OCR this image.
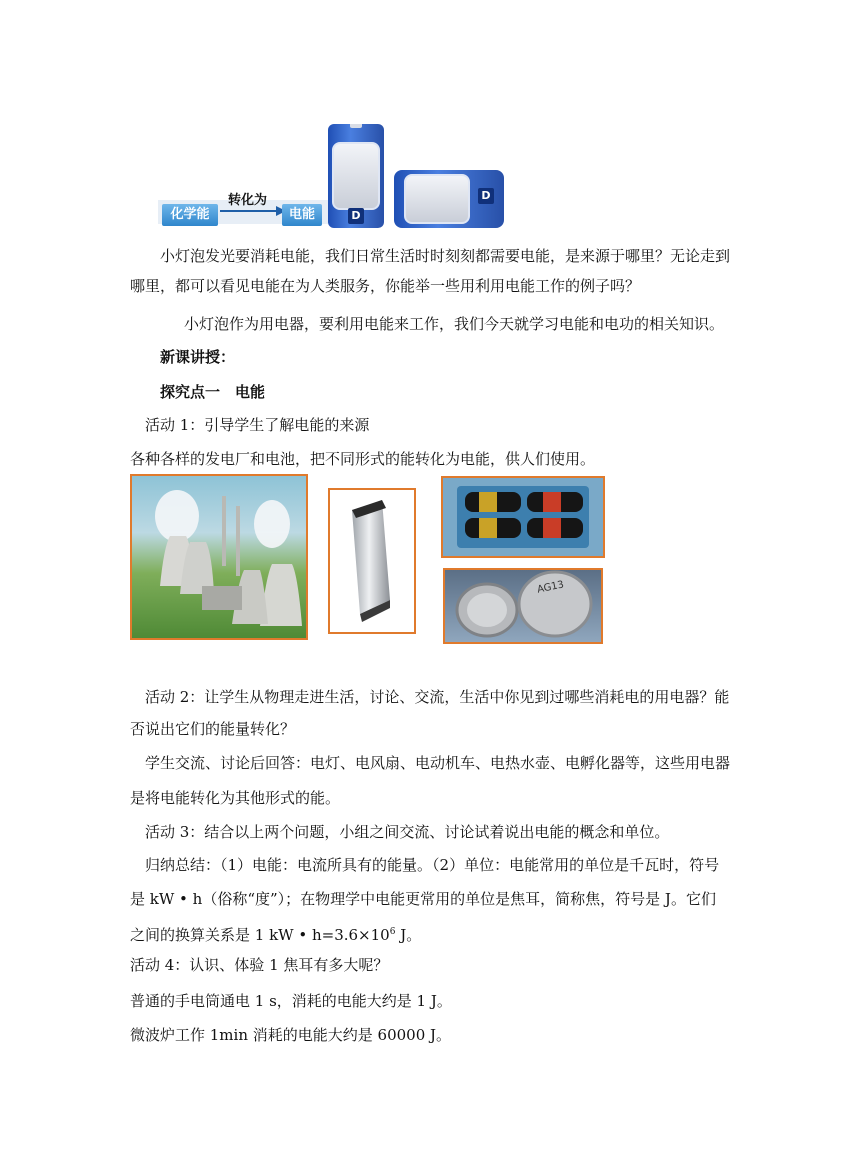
化学能
转化为
电能	D
D
小灯泡发光要消耗电能，我们日常生活时时刻刻都需要电能，是来源于哪里？无论走到
哪里，都可以看见电能在为人类服务，你能举一些用利用电能工作的例子吗？
小灯泡作为用电器，要利用电能来工作，我们今天就学习电能和电功的相关知识。
新课讲授：
探究点一　电能
活动 1：引导学生了解电能的来源
各种各样的发电厂和电池，把不同形式的能转化为电能，供人们使用。
AG13
活动 2：让学生从物理走进生活，讨论、交流，生活中你见到过哪些消耗电的用电器？能
否说出它们的能量转化？
学生交流、讨论后回答：电灯、电风扇、电动机车、电热水壶、电孵化器等，这些用电器
是将电能转化为其他形式的能。
活动 3：结合以上两个问题，小组之间交流、讨论试着说出电能的概念和单位。
归纳总结：（1）电能：电流所具有的能量。（2）单位：电能常用的单位是千瓦时，符号
是 kW • h（俗称“度”）；在物理学中电能更常用的单位是焦耳，简称焦，符号是 J。它们
之间的换算关系是 1 kW • $h=3.6\times 10^6$ J。
活动 4：认识、体验 1 焦耳有多大呢？
普通的手电筒通电 1 s，消耗的电能大约是 1 J。
微波炉工作 1min 消耗的电能大约是 60000 J。
